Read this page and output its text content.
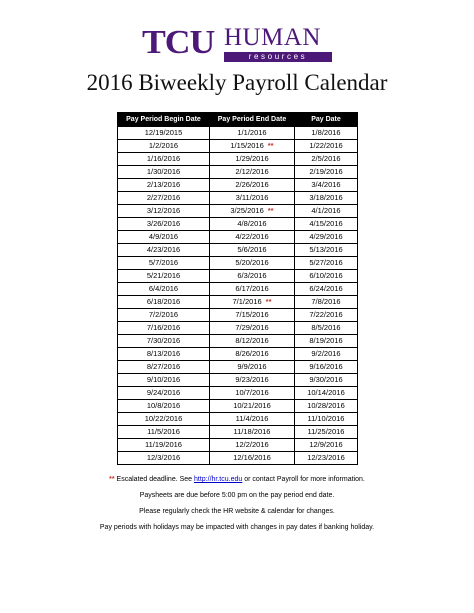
TCU HUMAN
resources
2016 Biweekly Payroll Calendar
Pay Period Begin Date	Pay Period End Date	Pay Date
12/19/2015	1/1/2016	1/8/2016
1/2/2016	1/15/2016 **	1/22/2016
1/16/2016	1/29/2016	2/5/2016
1/30/2016	2/12/2016	2/19/2016
2/13/2016	2/26/2016	3/4/2016
2/27/2016	3/11/2016	3/18/2016
3/12/2016	3/25/2016 **	4/1/2016
3/26/2016	4/8/2016	4/15/2016
4/9/2016	4/22/2016	4/29/2016
4/23/2016	5/6/2016	5/13/2016
5/7/2016	5/20/2016	5/27/2016
5/21/2016	6/3/2016	6/10/2016
6/4/2016	6/17/2016	6/24/2016
6/18/2016	7/1/2016 **	7/8/2016
7/2/2016	7/15/2016	7/22/2016
7/16/2016	7/29/2016	8/5/2016
7/30/2016	8/12/2016	8/19/2016
8/13/2016	8/26/2016	9/2/2016
8/27/2016	9/9/2016	9/16/2016
9/10/2016	9/23/2016	9/30/2016
9/24/2016	10/7/2016	10/14/2016
10/8/2016	10/21/2016	10/28/2016
10/22/2016	11/4/2016	11/10/2016
11/5/2016	11/18/2016	11/25/2016
11/19/2016	12/2/2016	12/9/2016
12/3/2016	12/16/2016	12/23/2016

** Escalated deadline. See http://hr.tcu.edu or contact Payroll for more information.

Paysheets are due before 5:00 pm on the pay period end date.

Please regularly check the HR website & calendar for changes.

Pay periods with holidays may be impacted with changes in pay dates if banking holiday.
